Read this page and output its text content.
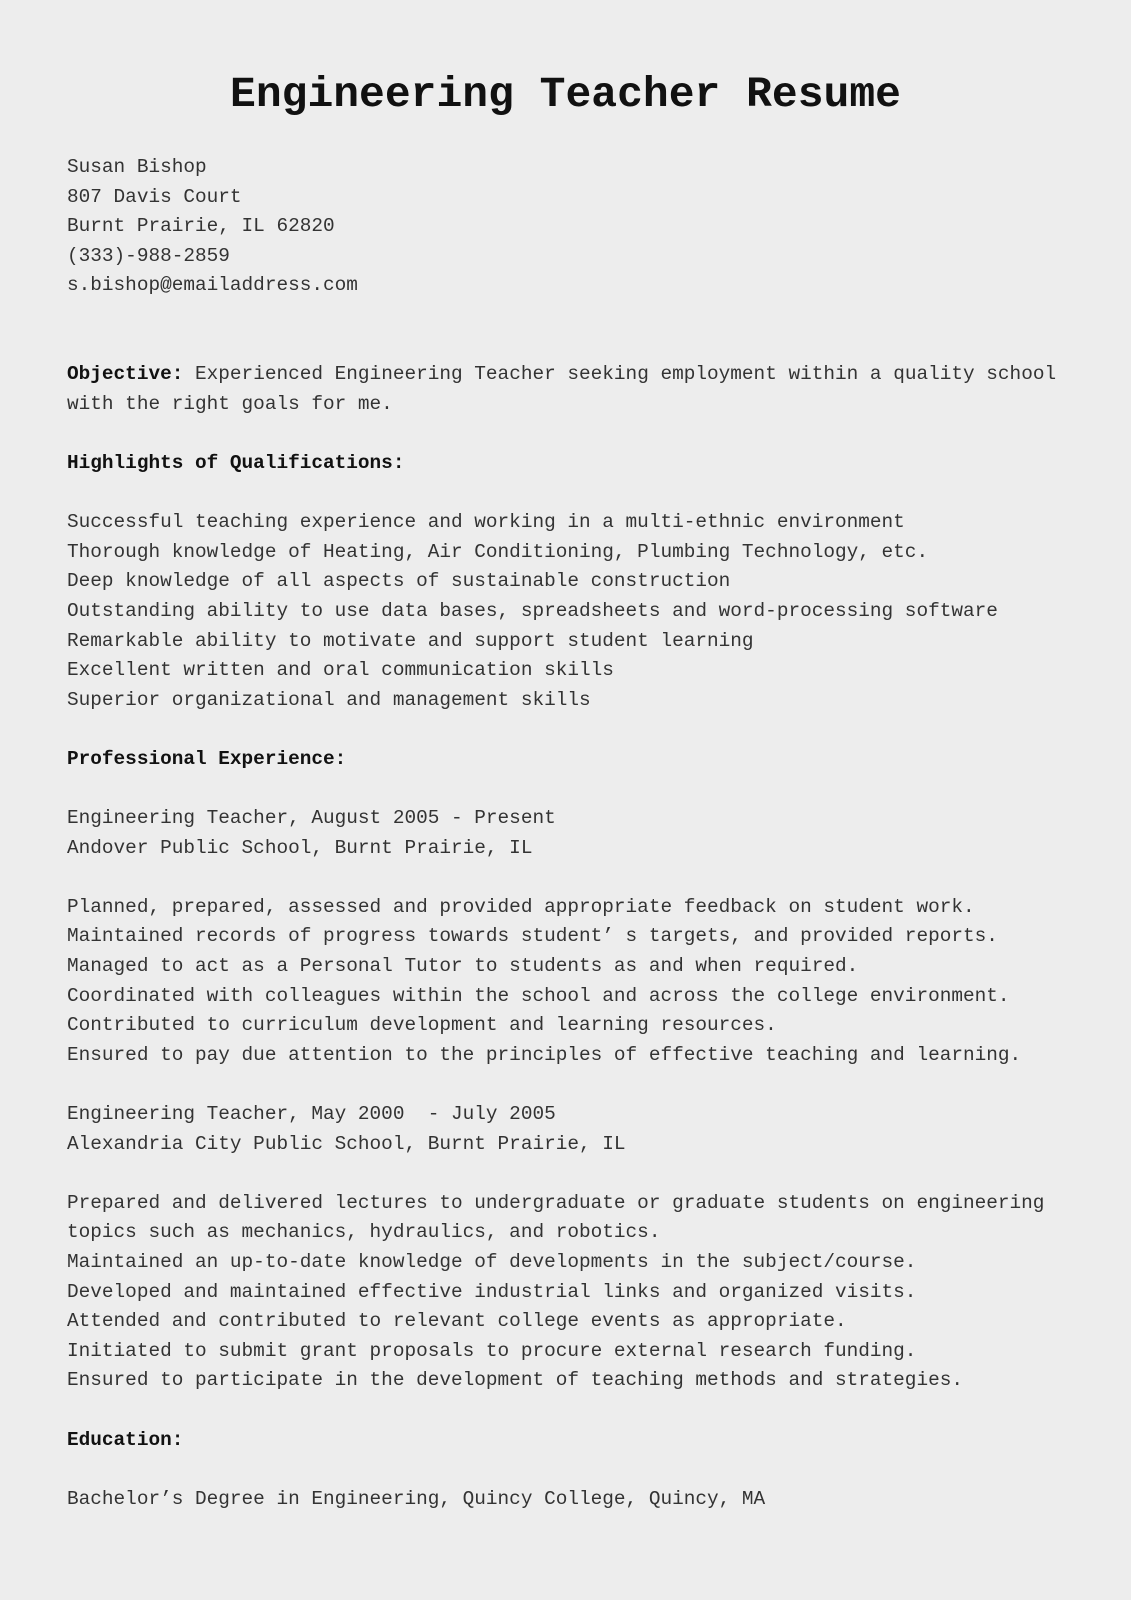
Engineering Teacher Resume
Susan Bishop
807 Davis Court
Burnt Prairie, IL 62820
(333)-988-2859
s.bishop@emailaddress.com
Objective: Experienced Engineering Teacher seeking employment within a quality school with the right goals for me.
Highlights of Qualifications:
Successful teaching experience and working in a multi-ethnic environment
Thorough knowledge of Heating, Air Conditioning, Plumbing Technology, etc.
Deep knowledge of all aspects of sustainable construction
Outstanding ability to use data bases, spreadsheets and word-processing software
Remarkable ability to motivate and support student learning
Excellent written and oral communication skills
Superior organizational and management skills
Professional Experience:
Engineering Teacher, August 2005 - Present
Andover Public School, Burnt Prairie, IL
Planned, prepared, assessed and provided appropriate feedback on student work.
Maintained records of progress towards student’ s targets, and provided reports.
Managed to act as a Personal Tutor to students as and when required.
Coordinated with colleagues within the school and across the college environment.
Contributed to curriculum development and learning resources.
Ensured to pay due attention to the principles of effective teaching and learning.
Engineering Teacher, May 2000  - July 2005
Alexandria City Public School, Burnt Prairie, IL
Prepared and delivered lectures to undergraduate or graduate students on engineering topics such as mechanics, hydraulics, and robotics.
Maintained an up-to-date knowledge of developments in the subject/course.
Developed and maintained effective industrial links and organized visits.
Attended and contributed to relevant college events as appropriate.
Initiated to submit grant proposals to procure external research funding.
Ensured to participate in the development of teaching methods and strategies.
Education:
Bachelor’s Degree in Engineering, Quincy College, Quincy, MA
